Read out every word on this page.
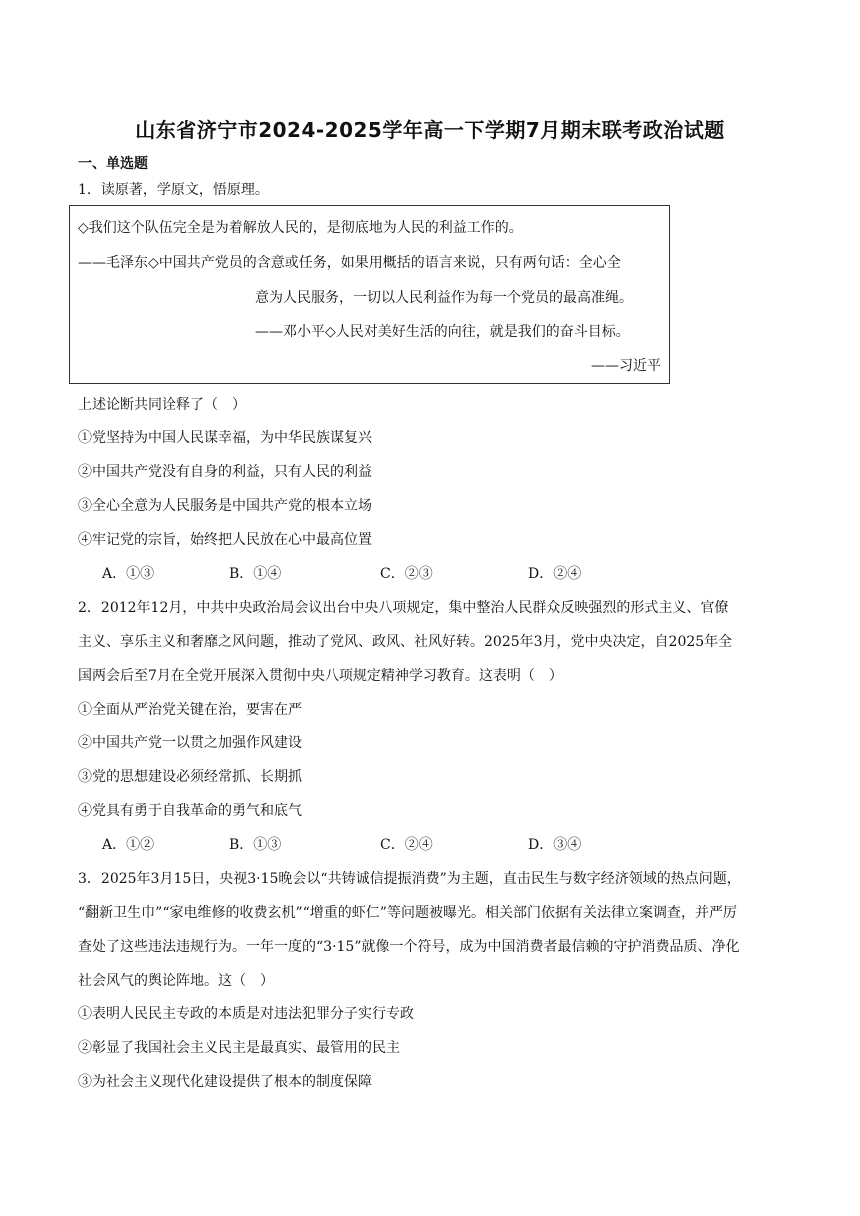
山东省济宁市2024-2025学年高一下学期7月期末联考政治试题
一、单选题
1．读原著，学原文，悟原理。
◇我们这个队伍完全是为着解放人民的，是彻底地为人民的利益工作的。
——毛泽东◇中国共产党员的含意或任务，如果用概括的语言来说，只有两句话：全心全
意为人民服务，一切以人民利益作为每一个党员的最高准绳。
——邓小平◇人民对美好生活的向往，就是我们的奋斗目标。
——习近平
上述论断共同诠释了（　）
①党坚持为中国人民谋幸福，为中华民族谋复兴
②中国共产党没有自身的利益，只有人民的利益
③全心全意为人民服务是中国共产党的根本立场
④牢记党的宗旨，始终把人民放在心中最高位置
A．①③	B．①④	C．②③	D．②④
2．2012年12月，中共中央政治局会议出台中央八项规定，集中整治人民群众反映强烈的形式主义、官僚
主义、享乐主义和奢靡之风问题，推动了党风、政风、社风好转。2025年3月，党中央决定，自2025年全
国两会后至7月在全党开展深入贯彻中央八项规定精神学习教育。这表明（　）
①全面从严治党关键在治，要害在严
②中国共产党一以贯之加强作风建设
③党的思想建设必须经常抓、长期抓
④党具有勇于自我革命的勇气和底气
A．①②	B．①③	C．②④	D．③④
3．2025年3月15日，央视3·15晚会以“共铸诚信提振消费”为主题，直击民生与数字经济领域的热点问题，
“翻新卫生巾”“家电维修的收费玄机”“增重的虾仁”等问题被曝光。相关部门依据有关法律立案调查，并严厉
查处了这些违法违规行为。一年一度的“3·15”就像一个符号，成为中国消费者最信赖的守护消费品质、净化
社会风气的舆论阵地。这（　）
①表明人民民主专政的本质是对违法犯罪分子实行专政
②彰显了我国社会主义民主是最真实、最管用的民主
③为社会主义现代化建设提供了根本的制度保障
